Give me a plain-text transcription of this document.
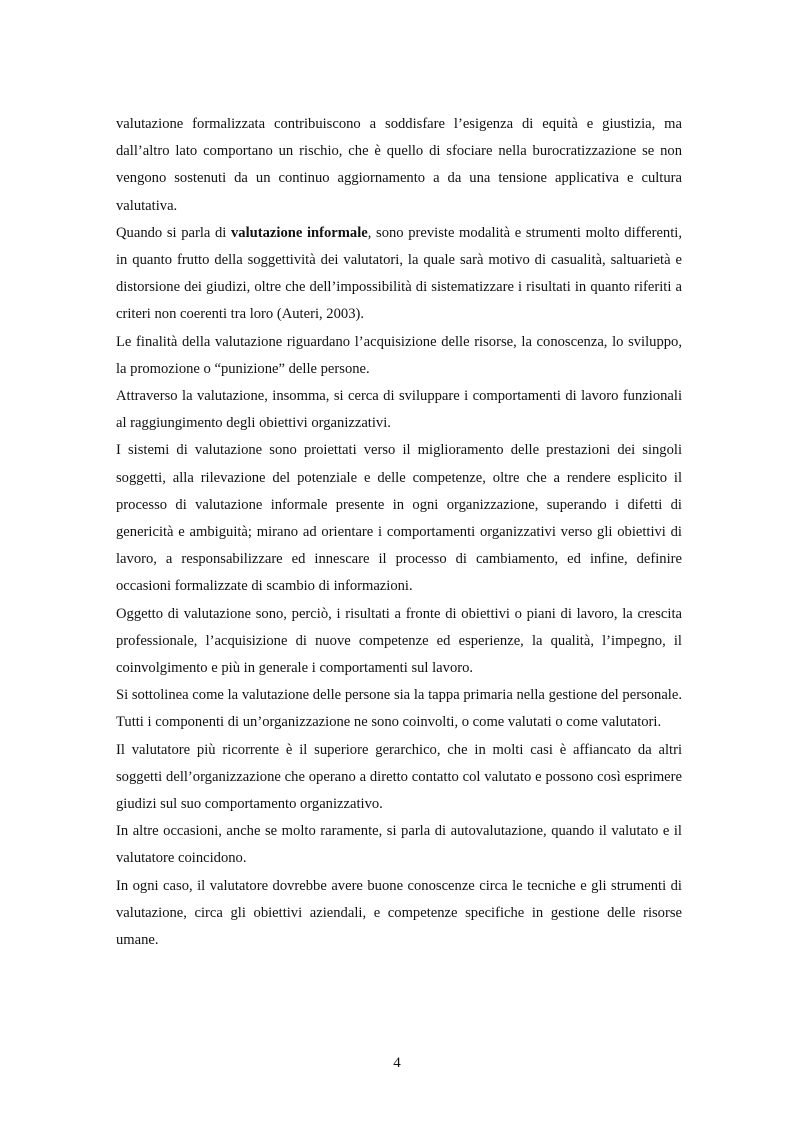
valutazione formalizzata contribuiscono a soddisfare l’esigenza di equità e giustizia, ma dall’altro lato comportano un rischio, che è quello di sfociare nella burocratizzazione se non vengono sostenuti da un continuo aggiornamento a da una tensione applicativa e cultura valutativa.

Quando si parla di valutazione informale, sono previste modalità e strumenti molto differenti, in quanto frutto della soggettività dei valutatori, la quale sarà motivo di casualità, saltuarietà e distorsione dei giudizi, oltre che dell’impossibilità di sistematizzare i risultati in quanto riferiti a criteri non coerenti tra loro (Auteri, 2003).

Le finalità della valutazione riguardano l’acquisizione delle risorse, la conoscenza, lo sviluppo, la promozione o “punizione” delle persone.

Attraverso la valutazione, insomma, si cerca di sviluppare i comportamenti di lavoro funzionali al raggiungimento degli obiettivi organizzativi.

I sistemi di valutazione sono proiettati verso il miglioramento delle prestazioni dei singoli soggetti, alla rilevazione del potenziale e delle competenze, oltre che a rendere esplicito il processo di valutazione informale presente in ogni organizzazione, superando i difetti di genericità e ambiguità; mirano ad orientare i comportamenti organizzativi verso gli obiettivi di lavoro, a responsabilizzare ed innescare il processo di cambiamento, ed infine, definire occasioni formalizzate di scambio di informazioni.

Oggetto di valutazione sono, perciò, i risultati a fronte di obiettivi o piani di lavoro, la crescita professionale, l’acquisizione di nuove competenze ed esperienze, la qualità, l’impegno, il coinvolgimento e più in generale i comportamenti sul lavoro.

Si sottolinea come la valutazione delle persone sia la tappa primaria nella gestione del personale. Tutti i componenti di un’organizzazione ne sono coinvolti, o come valutati o come valutatori.

Il valutatore più ricorrente è il superiore gerarchico, che in molti casi è affiancato da altri soggetti dell’organizzazione che operano a diretto contatto col valutato e possono così esprimere giudizi sul suo comportamento organizzativo.

In altre occasioni, anche se molto raramente, si parla di autovalutazione, quando il valutato e il valutatore coincidono.

In ogni caso, il valutatore dovrebbe avere buone conoscenze circa le tecniche e gli strumenti di valutazione, circa gli obiettivi aziendali, e competenze specifiche in gestione delle risorse umane.

4
